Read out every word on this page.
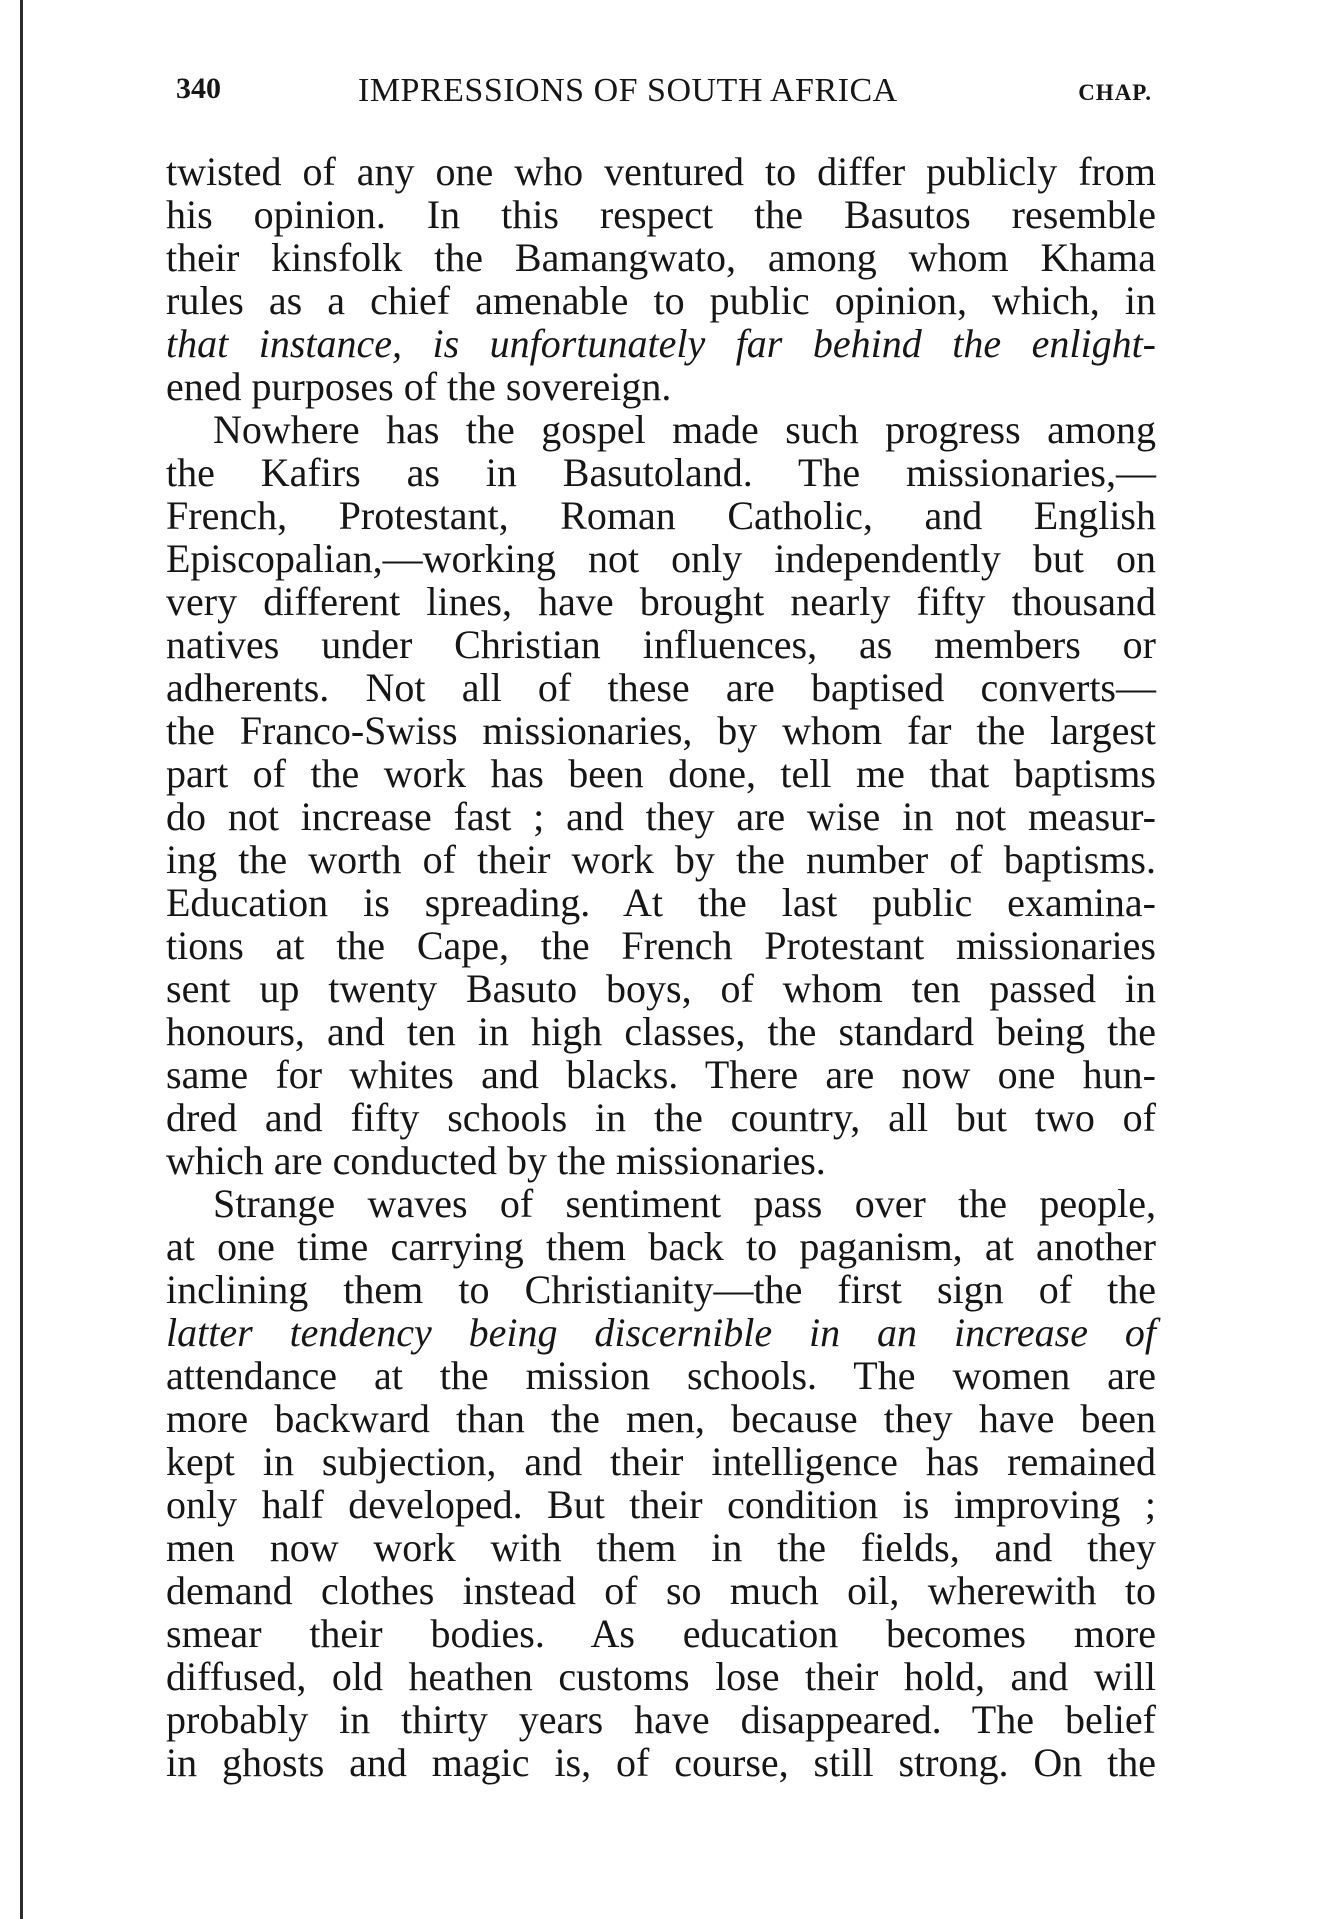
340	IMPRESSIONS OF SOUTH AFRICA	CHAP.
twisted of any one who ventured to differ publicly from
his opinion. In this respect the Basutos resemble
their kinsfolk the Bamangwato, among whom Khama
rules as a chief amenable to public opinion, which, in
that instance, is unfortunately far behind the enlight-
ened purposes of the sovereign.
Nowhere has the gospel made such progress among
the Kafirs as in Basutoland. The missionaries,—
French, Protestant, Roman Catholic, and English
Episcopalian,—working not only independently but on
very different lines, have brought nearly fifty thousand
natives under Christian influences, as members or
adherents. Not all of these are baptised converts—
the Franco-Swiss missionaries, by whom far the largest
part of the work has been done, tell me that baptisms
do not increase fast ; and they are wise in not measur-
ing the worth of their work by the number of baptisms.
Education is spreading. At the last public examina-
tions at the Cape, the French Protestant missionaries
sent up twenty Basuto boys, of whom ten passed in
honours, and ten in high classes, the standard being the
same for whites and blacks. There are now one hun-
dred and fifty schools in the country, all but two of
which are conducted by the missionaries.
Strange waves of sentiment pass over the people,
at one time carrying them back to paganism, at another
inclining them to Christianity—the first sign of the
latter tendency being discernible in an increase of
attendance at the mission schools. The women are
more backward than the men, because they have been
kept in subjection, and their intelligence has remained
only half developed. But their condition is improving ;
men now work with them in the fields, and they
demand clothes instead of so much oil, wherewith to
smear their bodies. As education becomes more
diffused, old heathen customs lose their hold, and will
probably in thirty years have disappeared. The belief
in ghosts and magic is, of course, still strong. On the
